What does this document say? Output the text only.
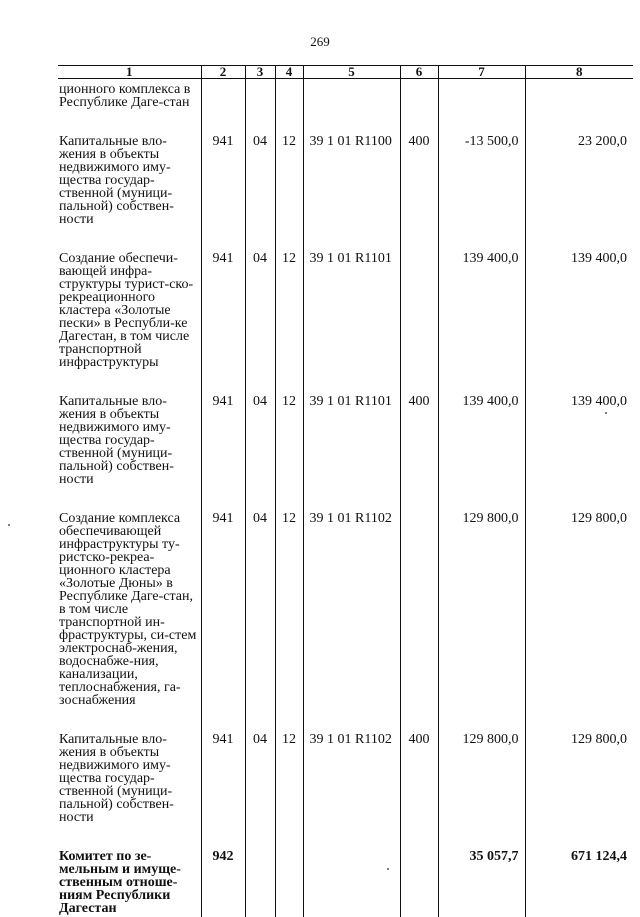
269
1	2	3	4	5	6	7	8
ционного комплекса в Республике Даге-стан							
Капитальные вло-жения в объекты недвижимого иму-щества государ-ственной (муници-пальной) собствен-ности	941	04	12	39 1 01 R1100	400	-13 500,0	23 200,0
Создание обеспечи-вающей инфра-структуры турист-ско-рекреационного кластера «Золотые пески» в Республи-ке Дагестан, в том числе транспортной инфраструктуры	941	04	12	39 1 01 R1101		139 400,0	139 400,0
Капитальные вло-жения в объекты недвижимого иму-щества государ-ственной (муници-пальной) собствен-ности	941	04	12	39 1 01 R1101	400	139 400,0	139 400,0
Создание комплекса обеспечивающей инфраструктуры ту-ристско-рекреа-ционного кластера «Золотые Дюны» в Республике Даге-стан, в том числе транспортной ин-фраструктуры, си-стем электроснаб-жения, водоснабже-ния, канализации, теплоснабжения, га-зоснабжения	941	04	12	39 1 01 R1102		129 800,0	129 800,0
Капитальные вло-жения в объекты недвижимого иму-щества государ-ственной (муници-пальной) собствен-ности	941	04	12	39 1 01 R1102	400	129 800,0	129 800,0
Комитет по зе-мельным и имуще-ственным отноше-ниям Республики Дагестан	942					35 057,7	671 124,4
